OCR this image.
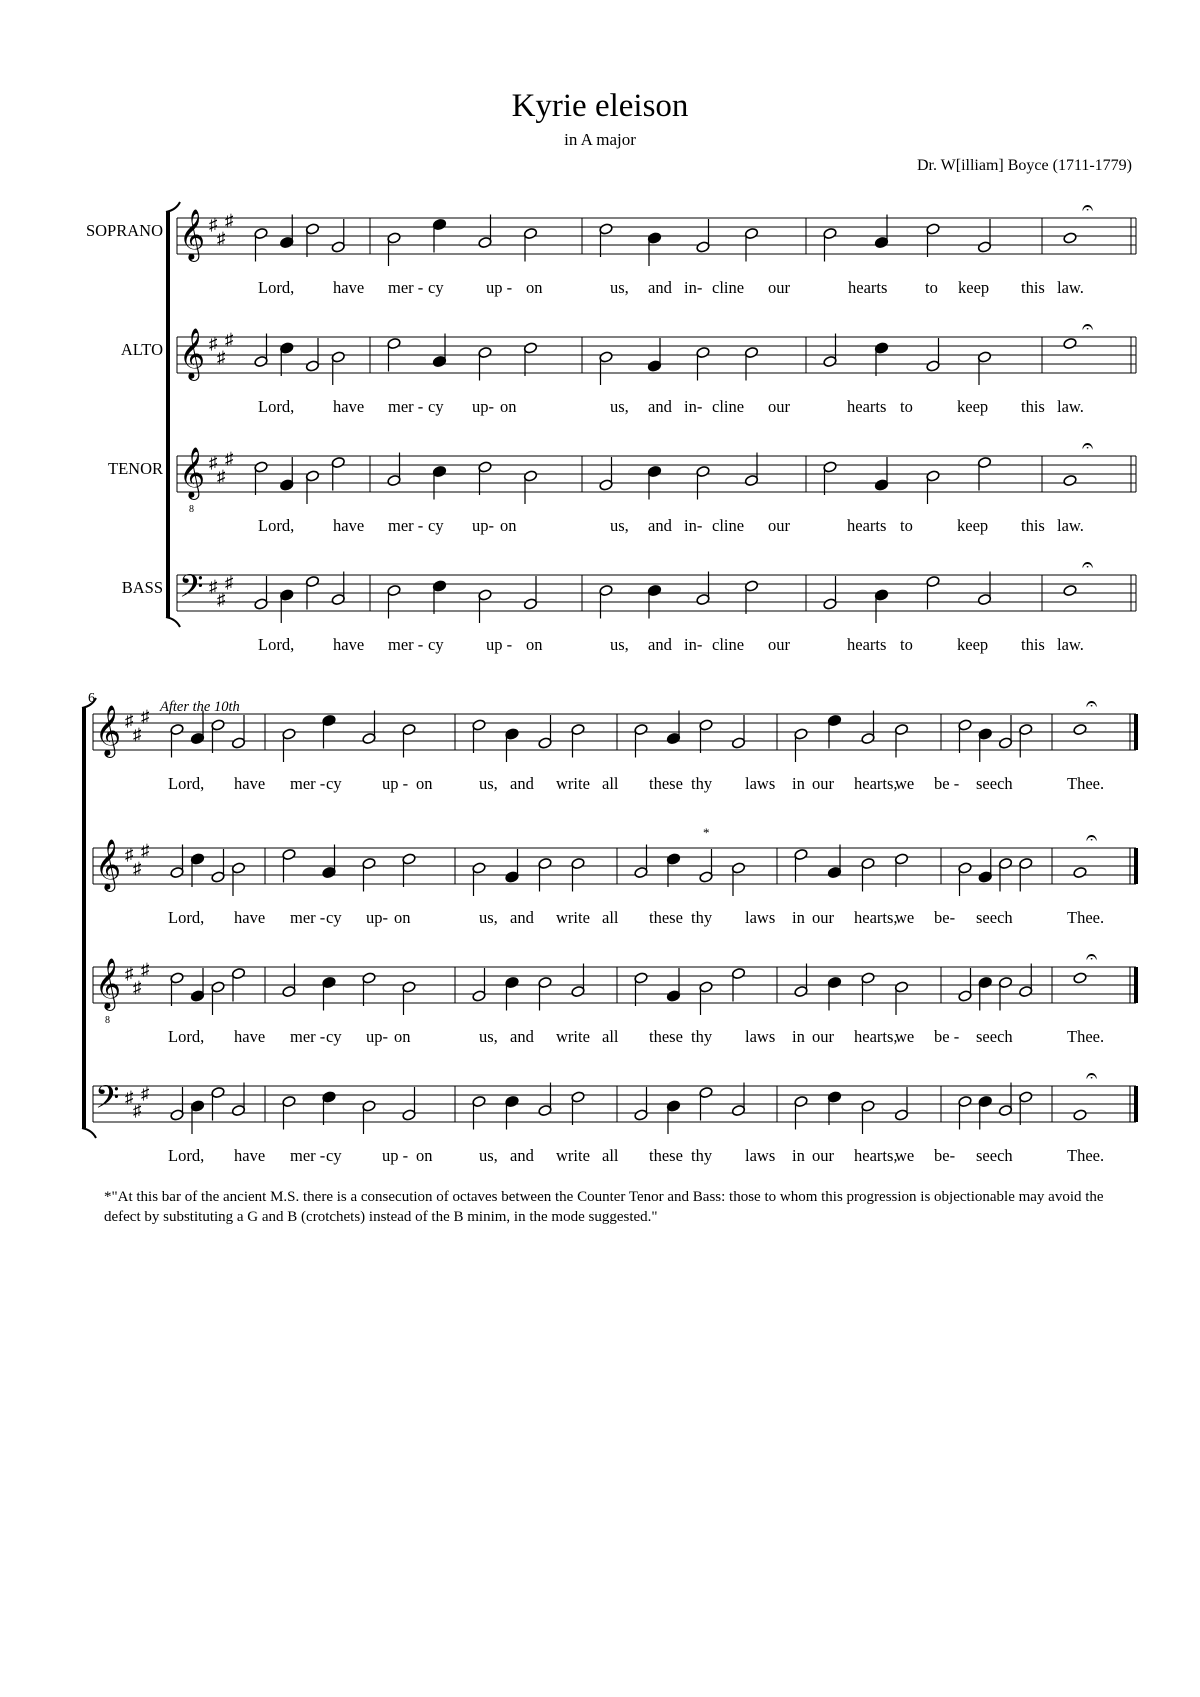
Kyrie eleison
in A major
Dr. W[illiam] Boyce (1711-1779)
𝄞 ♯
♯
♯
𝄐
Lord, have mer - cy	up - on	us, and in- cline our	hearts to keep this law.
𝄞 ♯
♯
♯
𝄐
Lord, have mer - cy up- on	us, and in- cline our	hearts to	keep this law.
𝄞
8
♯
♯
♯
𝄐
Lord, have mer - cy up- on	us, and in- cline our	hearts to	keep this law.
𝄢 ♯
♯
♯
𝄐
Lord, have mer - cy	up - on	us, and in- cline our	hearts to	keep this law.
𝄞 ♯
♯
♯
𝄐
Lord, have mer - cy up - on	us, and write all these thy laws in our hearts,
we be - seech	Thee.
𝄞 ♯
♯
♯
𝄐
Lord, have mer - cy up- on	us, and write all these thy laws in our hearts,
we be- seech	Thee.
𝄞
8
♯
♯
♯
𝄐
Lord, have mer - cy up- on	us, and write all these thy laws in our hearts,
we be - seech	Thee.
𝄢 ♯
♯
♯
𝄐
Lord, have mer - cy up - on	us, and write all these thy laws in our hearts,
we be- seech	Thee.
SOPRANO
ALTO
TENOR
BASS
6
After the 10th
*
*"At this bar of the ancient M.S. there is a consecution of octaves between the Counter Tenor and Bass: those to whom this progression is objectionable may avoid the defect by substituting a G and B (crotchets) instead of the B minim, in the mode suggested."
